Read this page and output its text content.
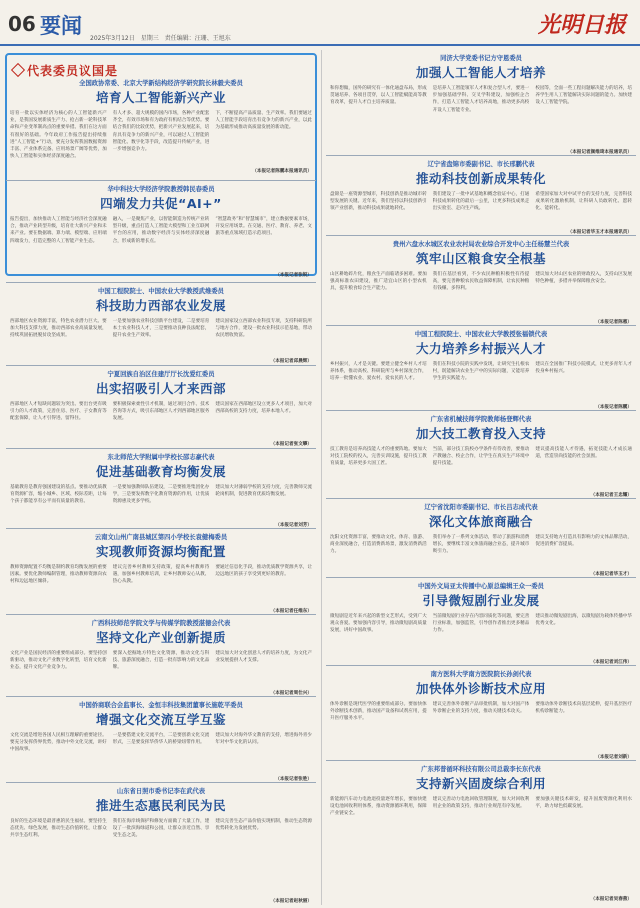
06 要闻
2025年3月12日　星期三　责任编辑：汪珊、王旭东
光明日报
代表委员议国是
全国政协常委、北京大学新结构经济学研究院长林毅夫委员
培育人工智能新兴产业
培育一批以实体经济为核心的人工智能新兴产业，是我国发展新质生产力、抢占新一轮科技革命和产业变革制高点的重要举措。我们在这方面有很好的基础。今年政府工作报告提出持续推进“人工智能+”行动，要充分发挥我国数据资源丰富、产业体系完备、应用场景广阔等优势，加快人工智能和实体经济深度融合。
有人才多、超大规模的国内市场，各种产业配套齐全，有效市场和有为政府有机结合等优势。要结合我们的比较优势，把新兴产业发展起来，培育具有竞争力的新兴产业，可以通过人工智能的智能化、数字化等手段，改造提升传统产业，进一步增强竞争力。
下，不断提高产品质量、生产效率。我们要通过人工智能手段培育出有竞争力的新兴产业，以此为基础形成推动高质量发展的新动能。
（本报记者陈鹏本报通讯员）
华中科技大学经济学院教授韩民春委员
四端发力共促“AI+”
报告提出，加快推动人工智能与经济社会深度融合，推动产业转型升级，培育壮大新兴产业和未来产业。要在数据端、算力端、模型端、应用端四端发力，打造完整的人工智能产业生态。
融入，一是聚焦产业，以智能制造为传统产业转型升级，重点打造人工智能大模型和工业互联网平台的应用，推动数字经济与实体经济深度融合，形成新的增长点。
“智慧政务”和“智慧城市”，建立数据要素市场，开发应用场景。在交通、医疗、教育、养老、文旅等重点领域打造示范项目。
（本报记者张锐）
中国工程院院士、中国农业大学教授武维委员
科技助力西部农业发展
西部地区农业资源丰富，特色农业潜力巨大。要加大科技支撑力度，推动西部农业高质量发展，持续巩固拓展脱贫攻坚成果。
一是要加强农业科技创新平台建设，二是要培育本土农业科技人才，三是要推动良种良法配套，提升农业生产效率。
建议国家设立西部农业科技专项，支持科研院所与地方合作，建设一批农业科技示范基地，带动农民增收致富。
（本报记者邱晨辉）
宁夏回族自治区住建厅厅长沈爱红委员
出实招吸引人才来西部
西部地区人才短缺问题较为突出。要出台更有吸引力的人才政策，完善住房、医疗、子女教育等配套保障，让人才引得进、留得住。
要积极探索柔性引才机制，通过项目合作、技术咨询等方式，吸引东部地区人才到西部地区服务发展。
建议国家在西部地区设立更多人才项目，加大对西部高校的支持力度，培养本地人才。
（本报记者张文攀）
东北师范大学附属中学校长邵志豪代表
促进基础教育均衡发展
基础教育是教育强国建设的基点。要推动优质教育资源扩容，缩小城乡、区域、校际差距，让每个孩子都能享有公平而有质量的教育。
一是要加强教师队伍建设，二是要推进集团化办学，三是要发挥数字化教育资源的作用，让优质资源惠及更多学校。
建议加大对薄弱学校的支持力度，完善教师交流轮岗机制，促进教育优质均衡发展。
（本报记者刘芳）
云南文山州广南县城区第四小学校长袁健梅委员
实现教师资源均衡配置
教师资源配置不均衡是制约教育均衡发展的重要因素。要优化教师编制管理，推动教师资源向农村和边远地区倾斜。
建议完善乡村教师支持政策，提高乡村教师待遇，加强乡村教师培训，让乡村教师安心从教、热心从教。
要通过信息化手段，推动优质教学资源共享，让边远地区的孩子享受到更好的教育。
（本报记者任维东）
广西科技师范学院文学与传媒学院教授湛徳会代表
坚持文化产业创新提质
文化产业是国民经济的重要组成部分。要坚持创新驱动，推动文化产业数字化转型，培育文化新业态，提升文化产业竞争力。
要深入挖掘地方特色文化资源，推动文化与科技、旅游深度融合，打造一批有影响力的文化品牌。
建议加大对文化创意人才的培养力度，为文化产业发展提供人才支撑。
（本报记者周仕兴）
中国侨商联合会监事长、金恒丰科技集团董事长施乾平委员
增强文化交流互学互鉴
文化交流是增进各国人民相互理解的重要途径。要充分发挥侨界优势，推动中外文化交流，讲好中国故事。
一是要搭建文化交流平台，二是要创新文化交流形式，三是要发挥华侨华人的桥梁纽带作用。
建议加大对海外华文教育的支持，增进海外青少年对中华文化的认同。
（本报记者张胜）
山东省日照市委书记李在武代表
推进生态惠民利民为民
良好的生态环境是最普惠的民生福祉。要坚持生态优先、绿色发展，推动生态价值转化，让群众共享生态红利。
我们在海岸线保护和修复方面做了大量工作，建设了一批滨海绿道和公园，让群众亲近自然、享受生态之美。
建议完善生态产品价值实现机制，推动生态资源优势转化为发展优势。
（本报记者赵秋丽）
同济大学党委书记方守恩委员
加强人工智能人才培养
和你想做，国外的研究有一体化通盘布局，形成贯通培养、各项目贯穿，以人工智能赋能高等教育改革，提升人才自主培养质量。
是培养人工智能领军人才和复合型人才，要进一步加强基础学科、交叉学科建设，加强校企合作，打造人工智能人才培养高地，推动更多高校开设人工智能专业。
校园等，全面一些工程问题解决能力的培养，培养学生用人工智能解决实际问题的能力。加快建设人工智能学院。
（本报记者颜维琦本报通讯员）
辽宁省盘锦市委副书记、市长邢鹏代表
推动科技创新成果转化
盘锦是一座资源型城市，科技创新是推动城市转型发展的关键。近年来，我们坚持以科技创新引领产业创新，推动科技成果就地转化。
我们建设了一批中试基地和概念验证中心，打通科技成果转化的最后一公里，让更多科技成果走出实验室、走向生产线。
希望国家加大对中试平台的支持力度，完善科技成果转化激励机制，让科研人员敢转化、愿转化、能转化。
（本报记者毕玉才本报通讯员）
贵州六盘水水城区农业农村局农业综合开发中心主任杨慧兰代表
筑牢山区粮食安全根基
山区耕地碎片化，粮食生产面临诸多困难。要加强高标准农田建设，推广适宜山区的小型农机具，提升粮食综合生产能力。
我们在基层看到，不少农民种粮积极性有待提高，要完善种粮农民收益保障机制，让农民种粮有钱赚、多得利。
建议加大对山区农业的财政投入，支持山区发展特色种植，多措并举保障粮食安全。
（本报记者陈惠）
中国工程院院士、中国农业大学教授张福锁代表
大力培养乡村振兴人才
乡村振兴，人才是关键。要建立健全乡村人才培养体系，推动高校、科研院所与乡村深度合作，培养一批懂农业、爱农村、爱农民的人才。
我们在科技小院的实践中发现，让研究生扎根农村，既能解决农业生产中的实际问题，又能培养学生的实践能力。
建议在全国推广科技小院模式，让更多青年人才投身乡村振兴。
（本报记者陈鹏）
广东省机械技师学院教师杨登辉代表
加大技工教育投入支持
技工教育是培养高技能人才的重要阵地。要加大对技工院校的投入，完善实训设施，提升技工教育质量，培养更多大国工匠。
当前，部分技工院校办学条件有待改善，要推动产教融合、校企合作，让学生在真实生产环境中提升技能。
建议提高技能人才待遇，拓宽技能人才成长通道，营造崇尚技能的社会氛围。
（本报记者王忠耀）
辽宁省沈阳市委副书记、市长吕志成代表
深化文体旅商融合
沈阳文化资源丰富，要推动文化、体育、旅游、商业深度融合，打造消费新场景，激发消费新活力。
我们举办了一系列文体活动，带动了旅游和消费增长，要继续丰富文体旅商融合业态，提升城市吸引力。
建议支持地方打造具有影响力的文体品牌活动，促进消费扩容提质。
（本报记者毕玉才）
中国外文局亚太传播中心原总编辑王众一委员
引导微短剧行业发展
微短剧是近年来兴起的新型文艺形式，受到广大观众喜爱。要加强内容引导，推动微短剧高质量发展，讲好中国故事。
当前微短剧行业存在内容同质化等问题，要完善行业标准，加强监管，引导创作者推出更多精品力作。
建议推动微短剧出海，以微短剧为载体传播中华优秀文化。
（本报记者刘江伟）
南方医科大学南方医院院长孙剑代表
加快体外诊断技术应用
体外诊断是现代医学的重要组成部分。要加快体外诊断技术创新，推动国产设备和试剂应用，提升医疗服务水平。
建议完善体外诊断产品审批机制，加大对国产体外诊断企业的支持力度，推动关键技术攻关。
要推动体外诊断技术向基层延伸，提升基层医疗机构诊断能力。
（本报记者刘新）
广东邦普循环科技有限公司总裁李长东代表
支持新兴固废综合利用
新能源汽车动力电池退役量逐年增长，要加快建设电池回收利用体系，推动资源循环利用，保障产业链安全。
建议完善动力电池回收管理制度，加大对回收利用企业的政策支持，推动行业规范有序发展。
要加强关键技术研发，提升固废资源化利用水平，助力绿色低碳发展。
（本报记者吴春燕）
